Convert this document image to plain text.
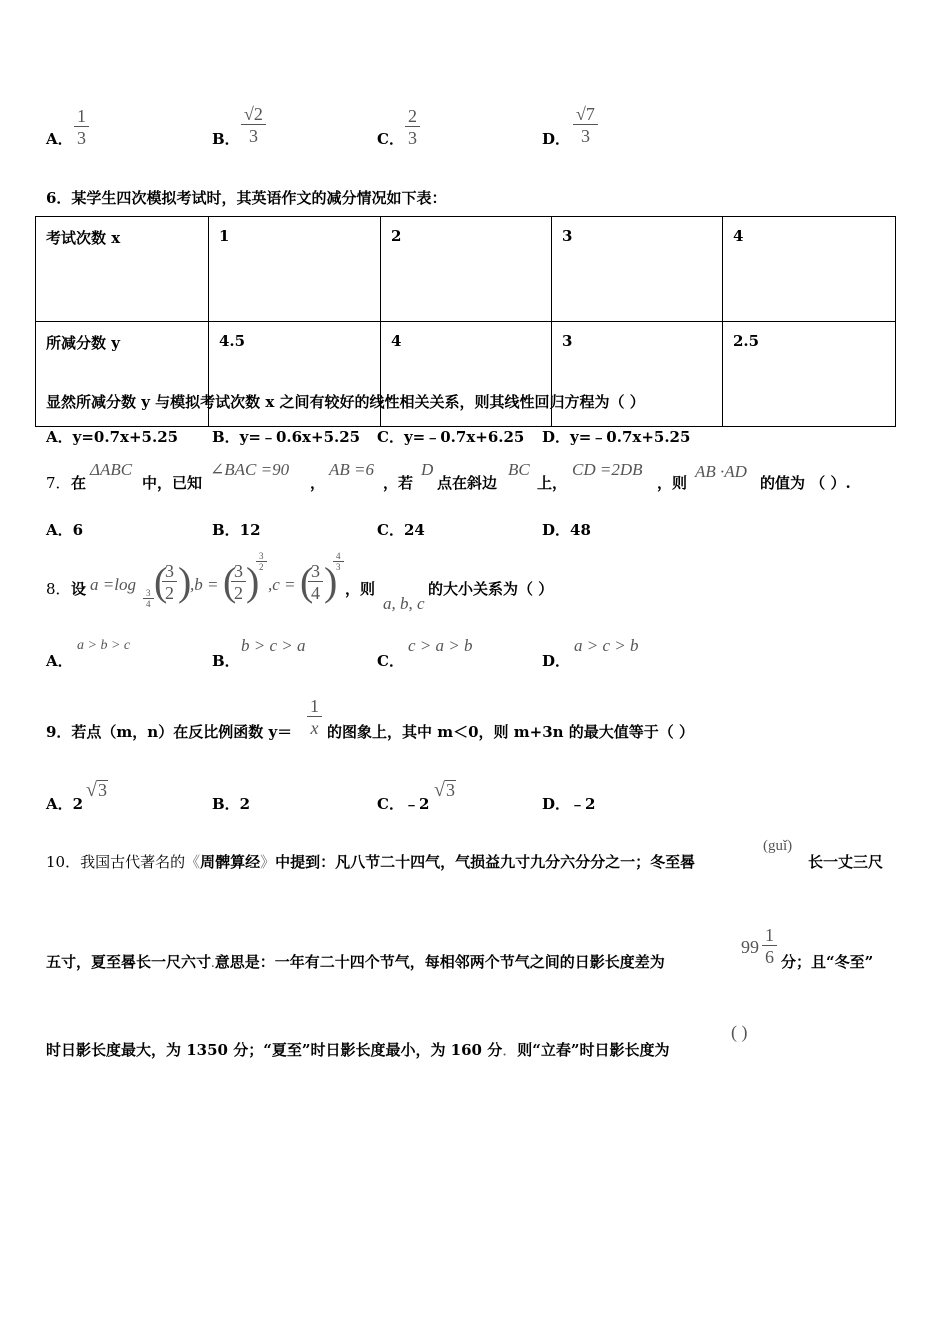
A． $\frac{1}{3}$	B． $\frac{√2}{3}$	C． $\frac{2}{3}$	D． $\frac{√7}{3}$
6．某学生四次模拟考试时，其英语作文的减分情况如下表：
考试次数 x	1	2	3	4
所减分数 y	4.5	4	3	2.5
显然所减分数 y 与模拟考试次数 x 之间有较好的线性相关关系，则其线性回归方程为（ ）
A．y=0.7x+5.25 B．y=﹣0.6x+5.25 C．y=﹣0.7x+6.25 D．y=﹣0.7x+5.25
7． 在
ΔABC
中，已知
∠BAC =90
，
AB =6
，若
D
点在斜边
BC
上，
CD =2DB
，则
AB ·AD
的值为 （ ）.
A．6	B．12	C．24	D．48
8． 设 a =log
$\frac{3}{4}$ (
$\frac{3}{2}$ )
,b = (
$\frac{3}{2}$ )
$\frac{3}{2}$
,c = (
$\frac{3}{4}$ )
$\frac{4}{3}$
，则
a, b, c
的大小关系为（ ）
A．
a > b > c
B．
b > c > a
C．
c > a > b
D．
a > c > b
9．若点（m，n）在反比例函数 $y= \frac{1}{x}$ 的图象上，其中 m＜0，则 m+3n 的最大值等于（ ）
A．2
√ 3
B．2	C．﹣2
√ 3
D．﹣2
10．我国古代著名的《周髀算经》中提到：凡八节二十四气，气损益九寸九分六分分之一；冬至晷
(guǐ)
长一丈三尺
五寸，夏至晷长一尺六寸.意思是：一年有二十四个节气，每相邻两个节气之间的日影长度差为
$99 \frac{1}{6}$ 分；且“冬至”
时日影长度最大，为 1350 分；“夏至”时日影长度最小，为 160 分．则“立春”时日影长度为
( )
